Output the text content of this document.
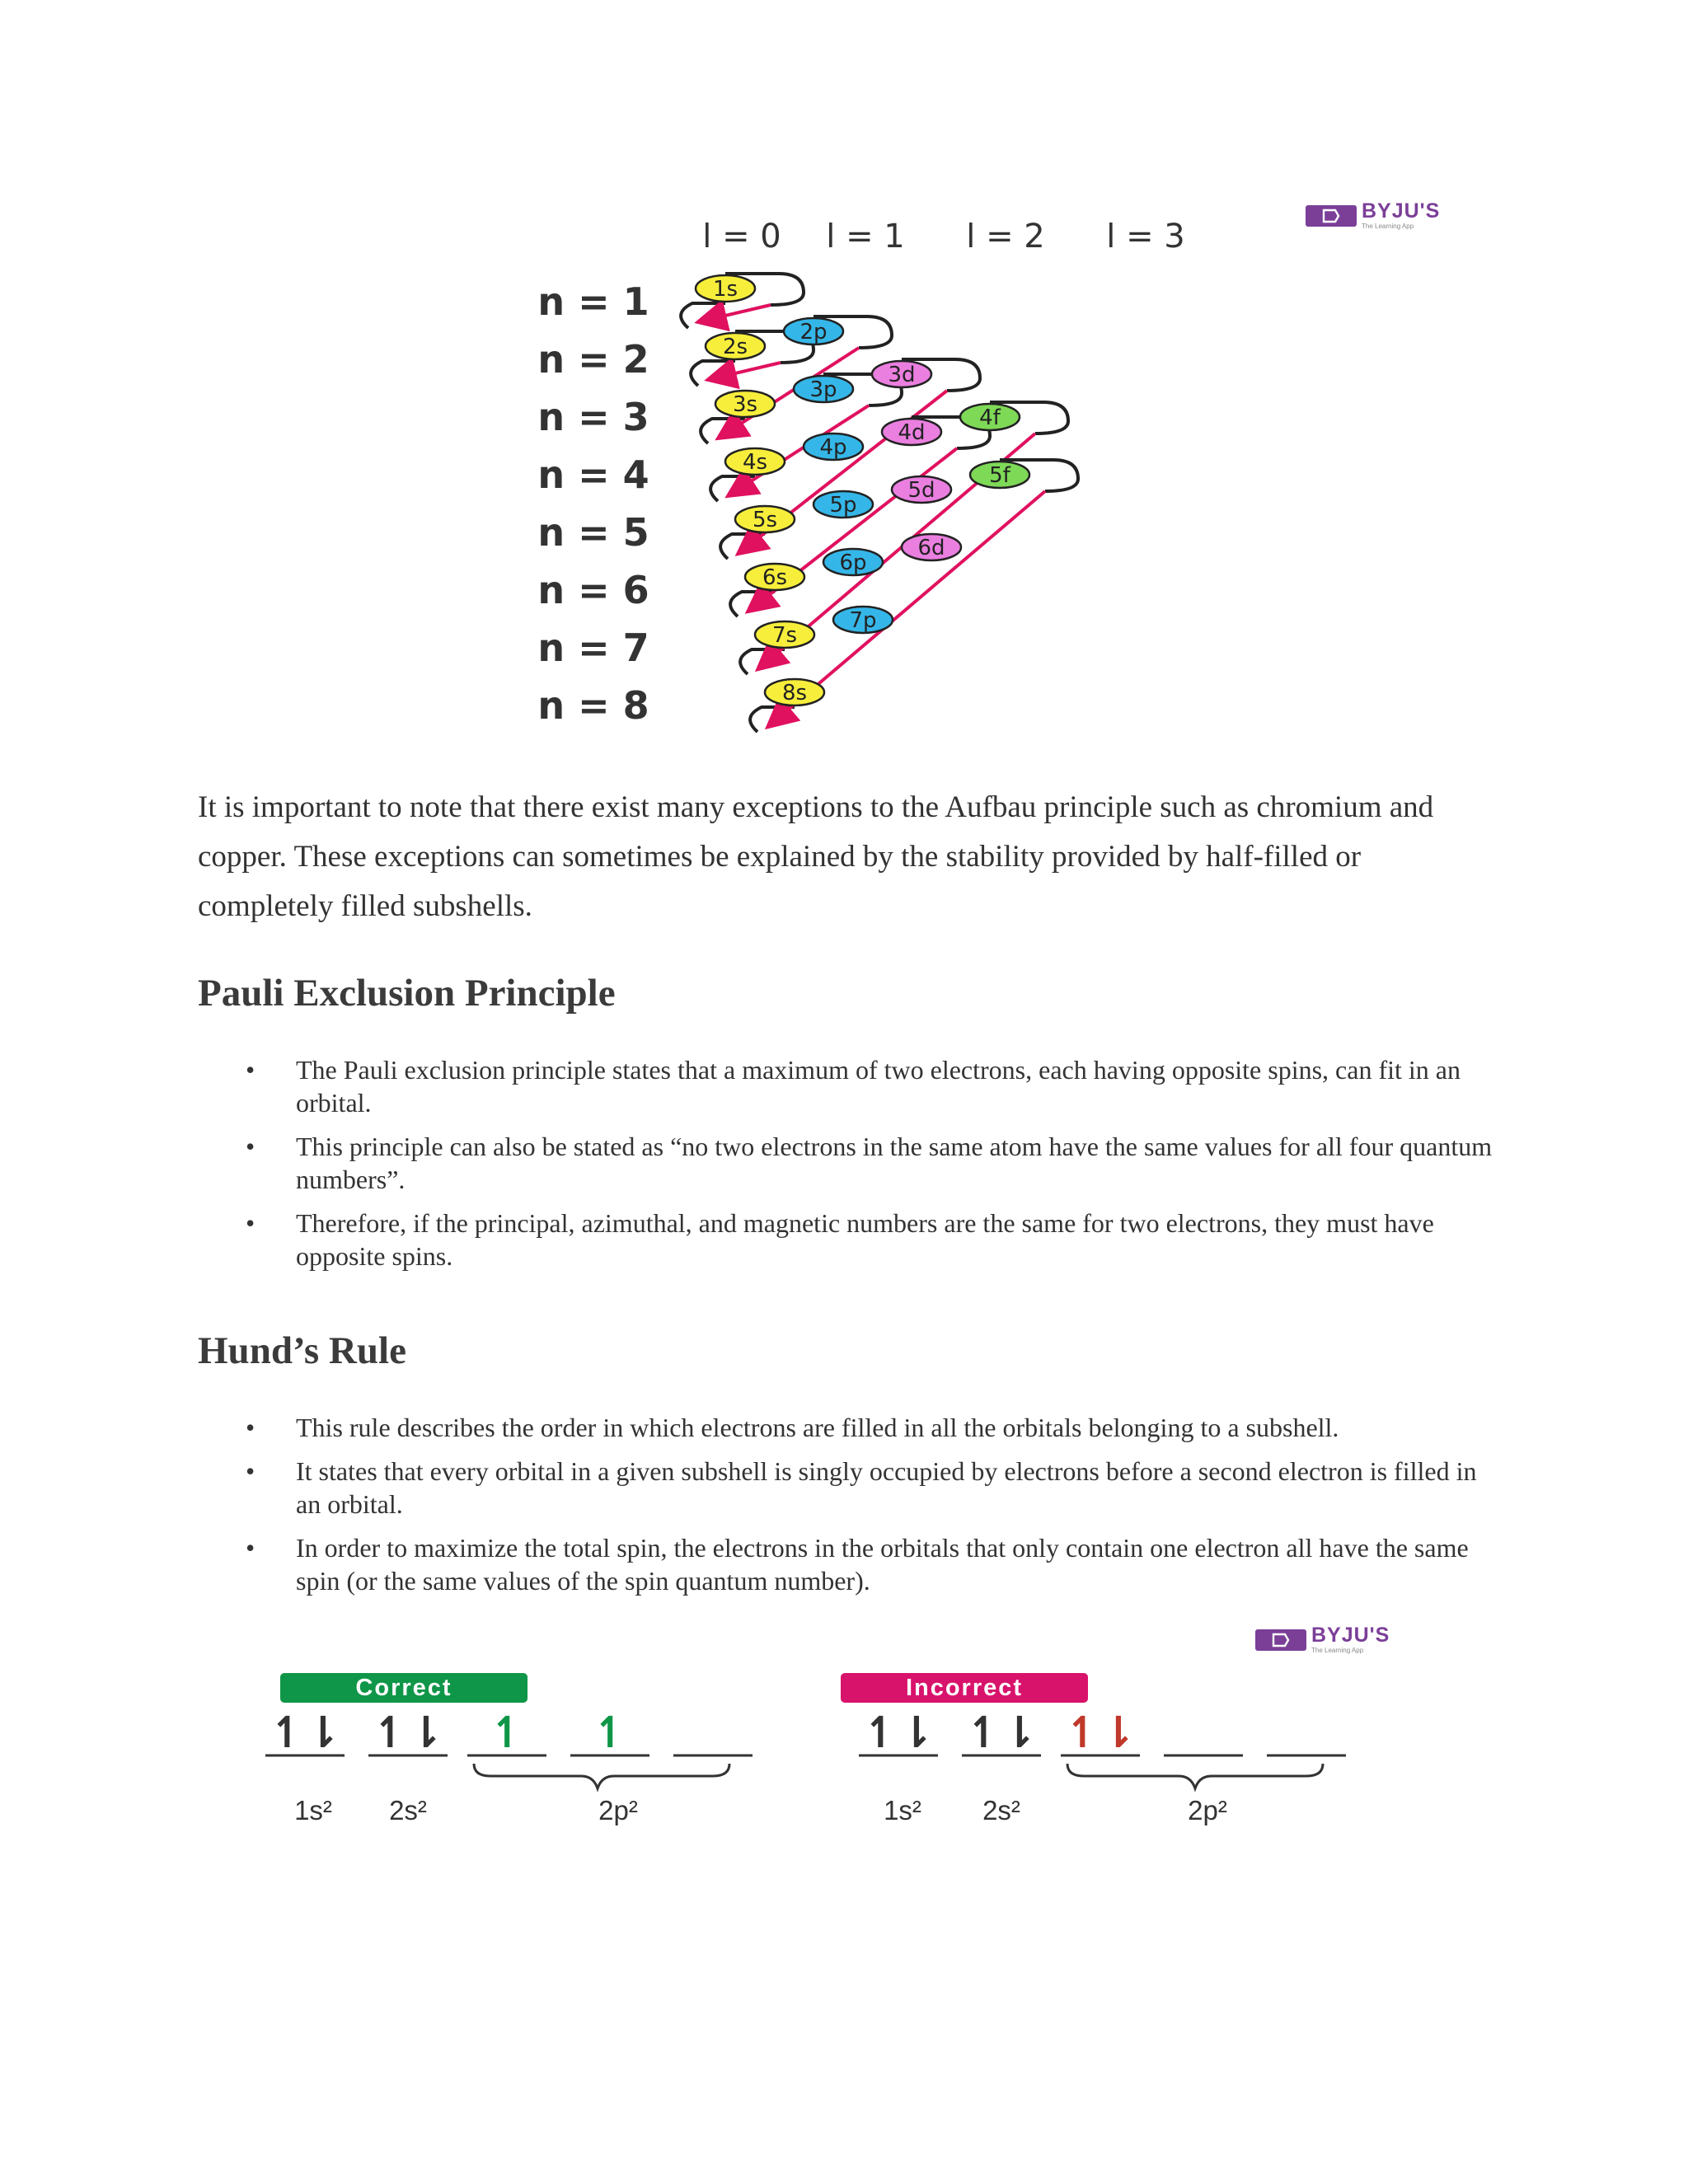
BYJU'S
The Learning App
l = 0 l = 1 l = 2 l = 3
n = 1
n = 2
n = 3
n = 4
n = 5
n = 6
n = 7
n = 8
1s
2s
2p
3s
3p
3d
4s
4p
4d
4f
5s
5p
5d
5f
6s
6p
6d
7s
7p
8s

It is important to note that there exist many exceptions to the Aufbau principle such as chromium and copper. These exceptions can sometimes be explained by the stability provided by half-filled or completely filled subshells.

Pauli Exclusion Principle
• The Pauli exclusion principle states that a maximum of two electrons, each having opposite spins, can fit in an orbital.
• This principle can also be stated as “no two electrons in the same atom have the same values for all four quantum numbers”.
• Therefore, if the principal, azimuthal, and magnetic numbers are the same for two electrons, they must have opposite spins.
Hund’s Rule
• This rule describes the order in which electrons are filled in all the orbitals belonging to a subshell.
• It states that every orbital in a given subshell is singly occupied by electrons before a second electron is filled in an orbital.
• In order to maximize the total spin, the electrons in the orbitals that only contain one electron all have the same spin (or the same values of the spin quantum number).
BYJU'S
The Learning App
Correct
↿⇂ ↿⇂ ↿ ↿
1s² 2s²	2p²
Incorrect
↿⇂ ↿⇂ ↿⇂
1s² 2s²	2p²
